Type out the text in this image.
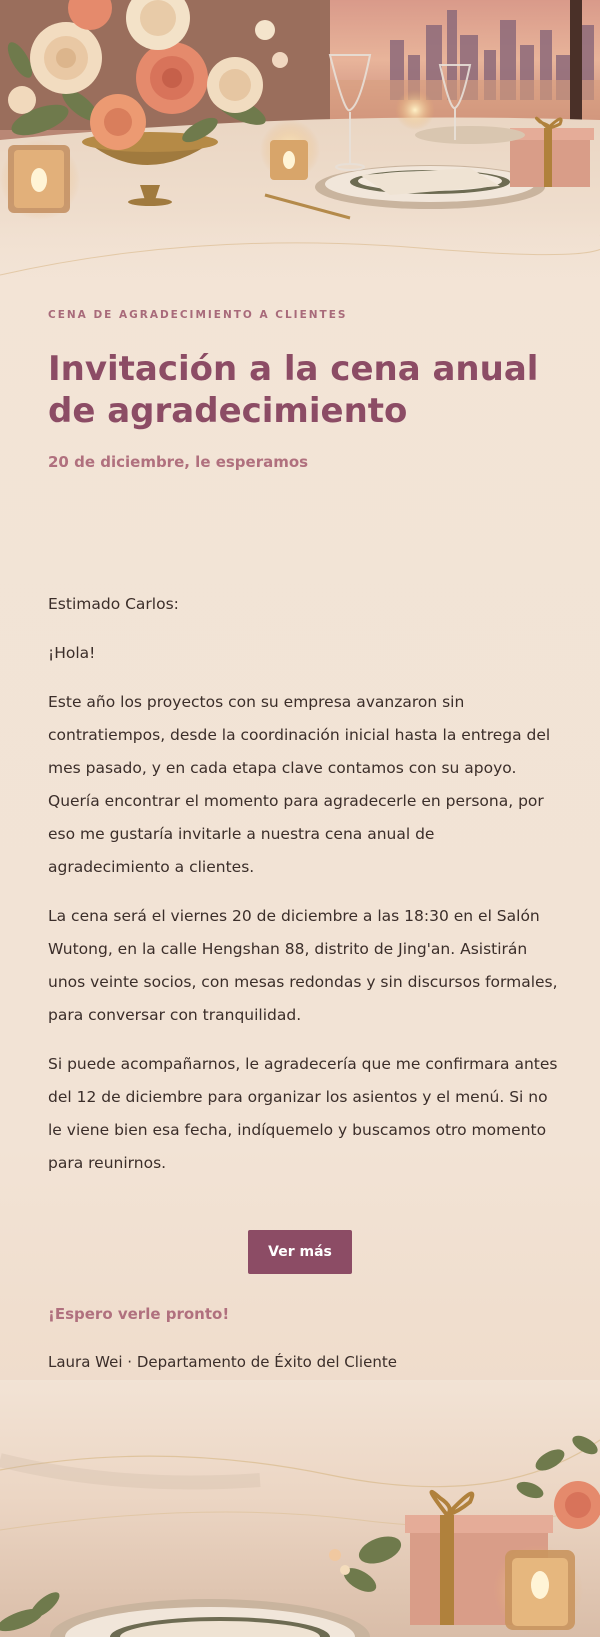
CENA DE AGRADECIMIENTO A CLIENTES
Invitación a la cena anual de agradecimiento
20 de diciembre, le esperamos

Estimado Carlos:

¡Hola!

Este año los proyectos con su empresa avanzaron sin contratiempos, desde la coordinación inicial hasta la entrega del mes pasado, y en cada etapa clave contamos con su apoyo. Quería encontrar el momento para agradecerle en persona, por eso me gustaría invitarle a nuestra cena anual de agradecimiento a clientes.

La cena será el viernes 20 de diciembre a las 18:30 en el Salón Wutong, en la calle Hengshan 88, distrito de Jing'an. Asistirán unos veinte socios, con mesas redondas y sin discursos formales, para conversar con tranquilidad.

Si puede acompañarnos, le agradecería que me confirmara antes del 12 de diciembre para organizar los asientos y el menú. Si no le viene bien esa fecha, indíquemelo y buscamos otro momento para reunirnos.

Ver más
¡Espero verle pronto!
Laura Wei · Departamento de Éxito del Cliente
